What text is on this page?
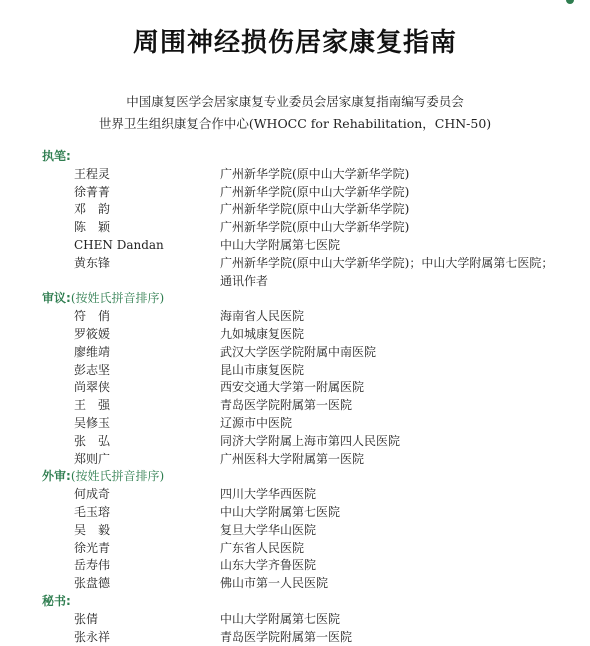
周围神经损伤居家康复指南
中国康复医学会居家康复专业委员会居家康复指南编写委员会
世界卫生组织康复合作中心(WHOCC for Rehabilitation，CHN-50)
执笔:
王程灵	广州新华学院(原中山大学新华学院)
徐菁菁	广州新华学院(原中山大学新华学院)
邓　韵	广州新华学院(原中山大学新华学院)
陈　颖	广州新华学院(原中山大学新华学院)
CHEN Dandan	中山大学附属第七医院
黄东锋	广州新华学院(原中山大学新华学院)；中山大学附属第七医院；通讯作者
审议:(按姓氏拼音排序)
符　俏	海南省人民医院
罗筱媛	九如城康复医院
廖维靖	武汉大学医学院附属中南医院
彭志坚	昆山市康复医院
尚翠侠	西安交通大学第一附属医院
王　强	青岛医学院附属第一医院
吴修玉	辽源市中医院
张　弘	同济大学附属上海市第四人民医院
郑则广	广州医科大学附属第一医院
外审:(按姓氏拼音排序)
何成奇	四川大学华西医院
毛玉瑢	中山大学附属第七医院
吴　毅	复旦大学华山医院
徐光青	广东省人民医院
岳寿伟	山东大学齐鲁医院
张盘德	佛山市第一人民医院
秘书:
张倩	中山大学附属第七医院
张永祥	青岛医学院附属第一医院
